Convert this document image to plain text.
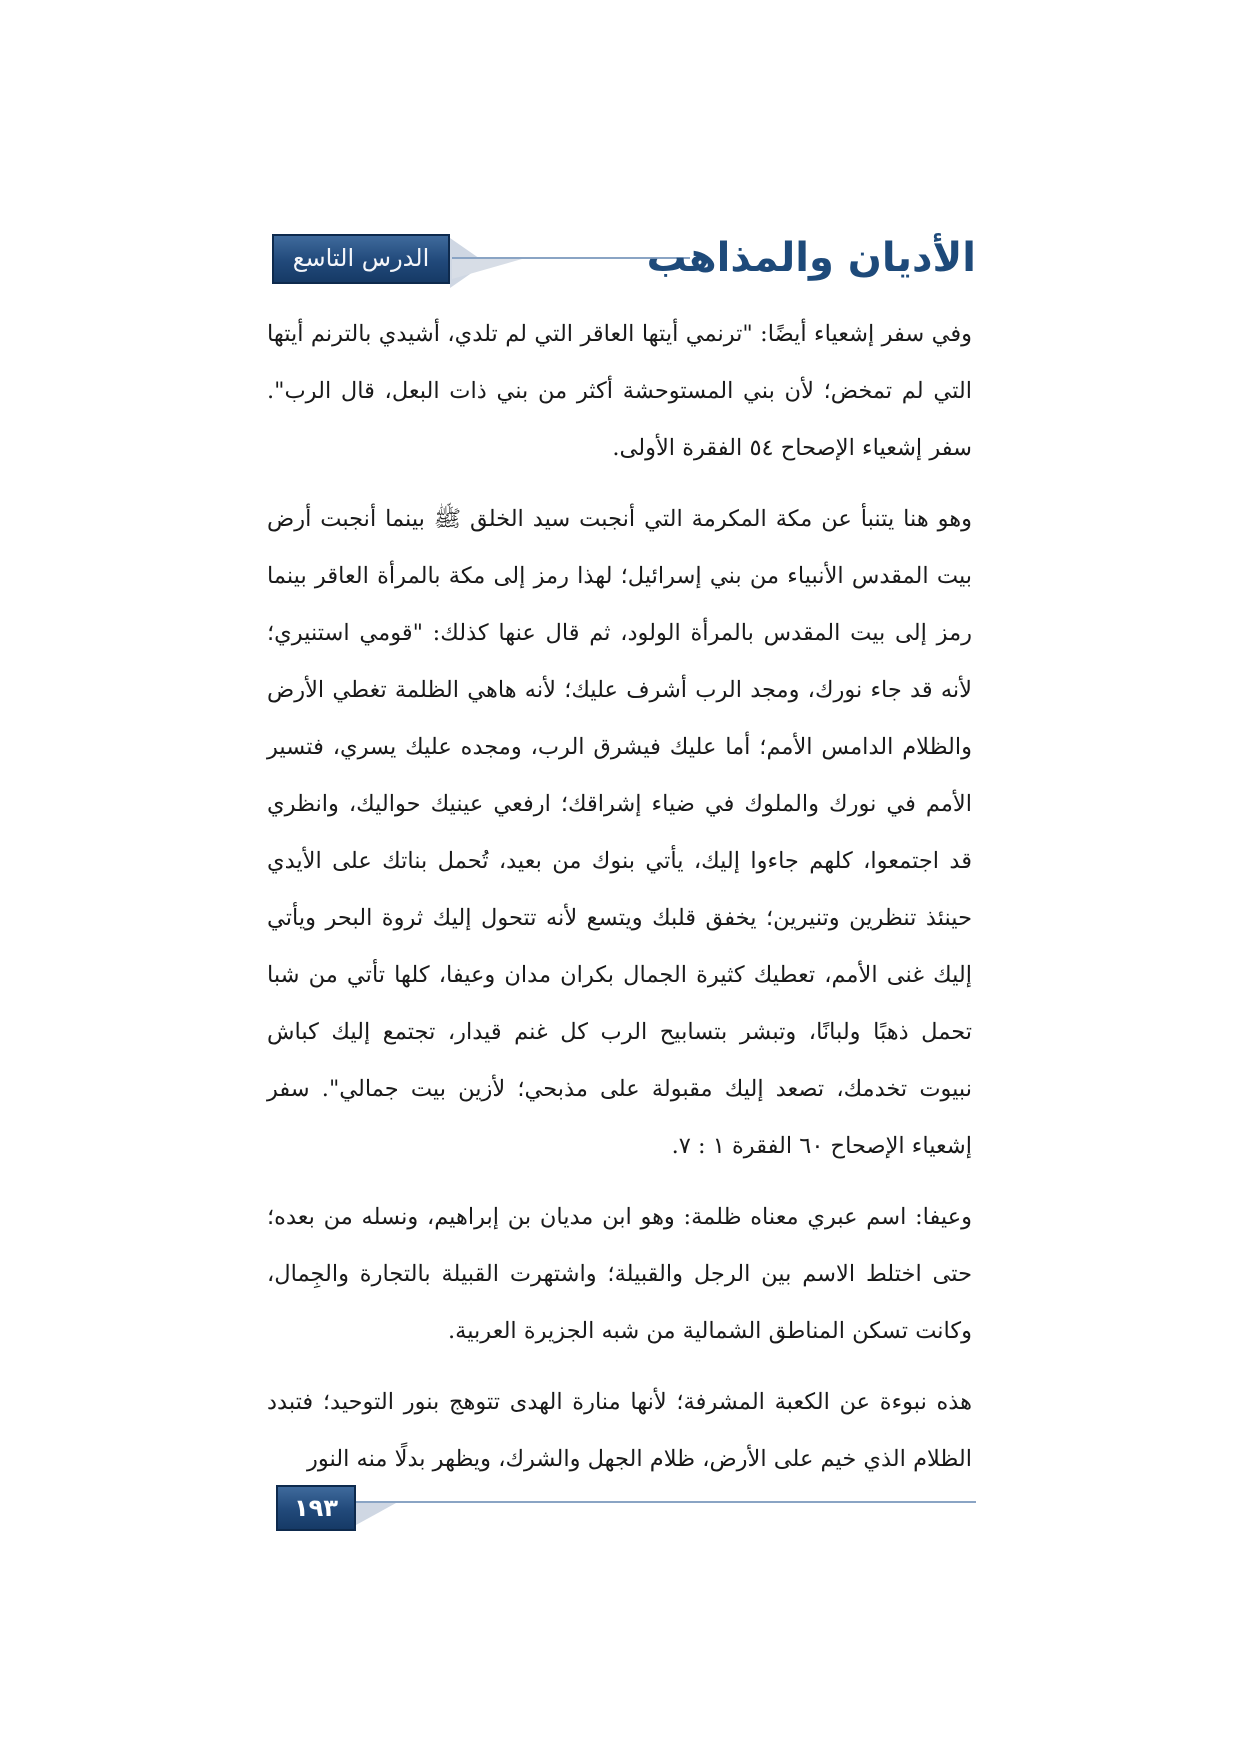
الدرس التاسع	الأديان والمذاهب

وفي سفر إشعياء أيضًا: "ترنمي أيتها العاقر التي لم تلدي، أشيدي بالترنم أيتها التي لم تمخض؛ لأن بني المستوحشة أكثر من بني ذات البعل، قال الرب". سفر إشعياء الإصحاح ٥٤ الفقرة الأولى.

وهو هنا يتنبأ عن مكة المكرمة التي أنجبت سيد الخلق ﷺ بينما أنجبت أرض بيت المقدس الأنبياء من بني إسرائيل؛ لهذا رمز إلى مكة بالمرأة العاقر بينما رمز إلى بيت المقدس بالمرأة الولود، ثم قال عنها كذلك: "قومي استنيري؛ لأنه قد جاء نورك، ومجد الرب أشرف عليك؛ لأنه هاهي الظلمة تغطي الأرض والظلام الدامس الأمم؛ أما عليك فيشرق الرب، ومجده عليك يسري، فتسير الأمم في نورك والملوك في ضياء إشراقك؛ ارفعي عينيك حواليك، وانظري قد اجتمعوا، كلهم جاءوا إليك، يأتي بنوك من بعيد، تُحمل بناتك على الأيدي حينئذ تنظرين وتنيرين؛ يخفق قلبك ويتسع لأنه تتحول إليك ثروة البحر ويأتي إليك غنى الأمم، تعطيك كثيرة الجمال بكران مدان وعيفا، كلها تأتي من شبا تحمل ذهبًا ولبانًا، وتبشر بتسابيح الرب كل غنم قيدار، تجتمع إليك كباش نبيوت تخدمك، تصعد إليك مقبولة على مذبحي؛ لأزين بيت جمالي". سفر إشعياء الإصحاح ٦٠ الفقرة ١ : ٧.

وعيفا: اسم عبري معناه ظلمة: وهو ابن مديان بن إبراهيم، ونسله من بعده؛ حتى اختلط الاسم بين الرجل والقبيلة؛ واشتهرت القبيلة بالتجارة والجِمال، وكانت تسكن المناطق الشمالية من شبه الجزيرة العربية.

هذه نبوءة عن الكعبة المشرفة؛ لأنها منارة الهدى تتوهج بنور التوحيد؛ فتبدد الظلام الذي خيم على الأرض، ظلام الجهل والشرك، ويظهر بدلًا منه النور

١٩٣
